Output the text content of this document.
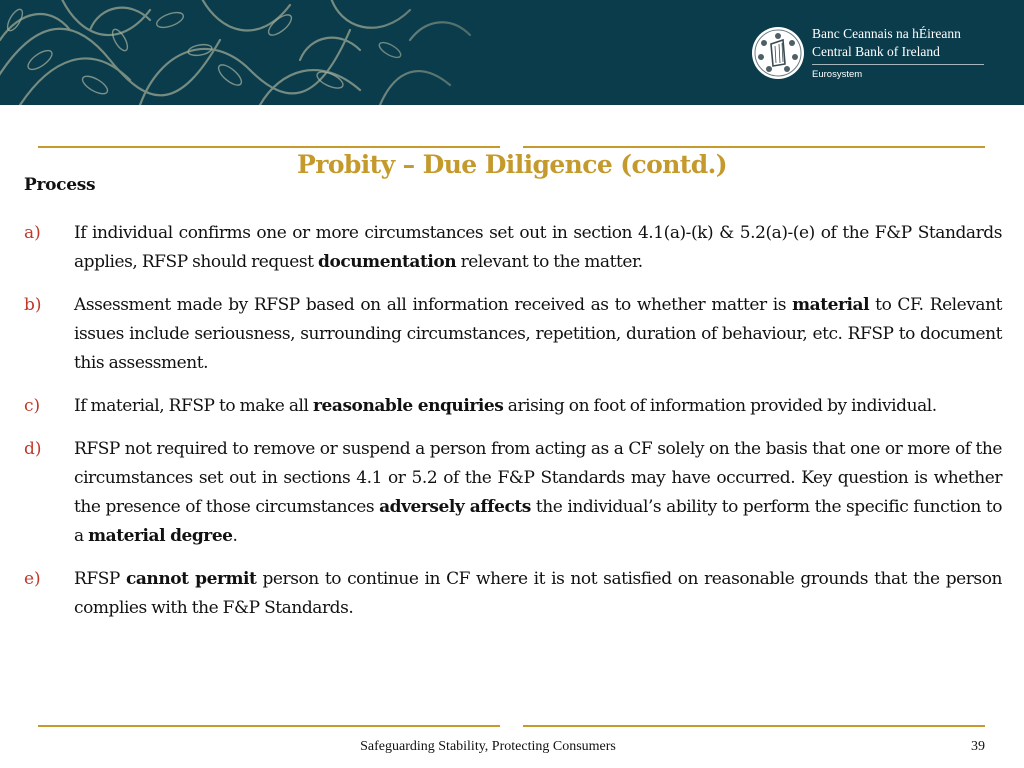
Banc Ceannais na hÉireann
Central Bank of Ireland
Eurosystem
Probity – Due Diligence (contd.)
Process
a) If individual confirms one or more circumstances set out in section 4.1(a)-(k) & 5.2(a)-(e) of the F&P Standards applies, RFSP should request documentation relevant to the matter.

b) Assessment made by RFSP based on all information received as to whether matter is material to CF. Relevant issues include seriousness, surrounding circumstances, repetition, duration of behaviour, etc. RFSP to document this assessment.

c) If material, RFSP to make all reasonable enquiries arising on foot of information provided by individual.

d) RFSP not required to remove or suspend a person from acting as a CF solely on the basis that one or more of the circumstances set out in sections 4.1 or 5.2 of the F&P Standards may have occurred. Key question is whether the presence of those circumstances adversely affects the individual’s ability to perform the specific function to a material degree.

e) RFSP cannot permit person to continue in CF where it is not satisfied on reasonable grounds that the person complies with the F&P Standards.

Safeguarding Stability, Protecting Consumers	39
